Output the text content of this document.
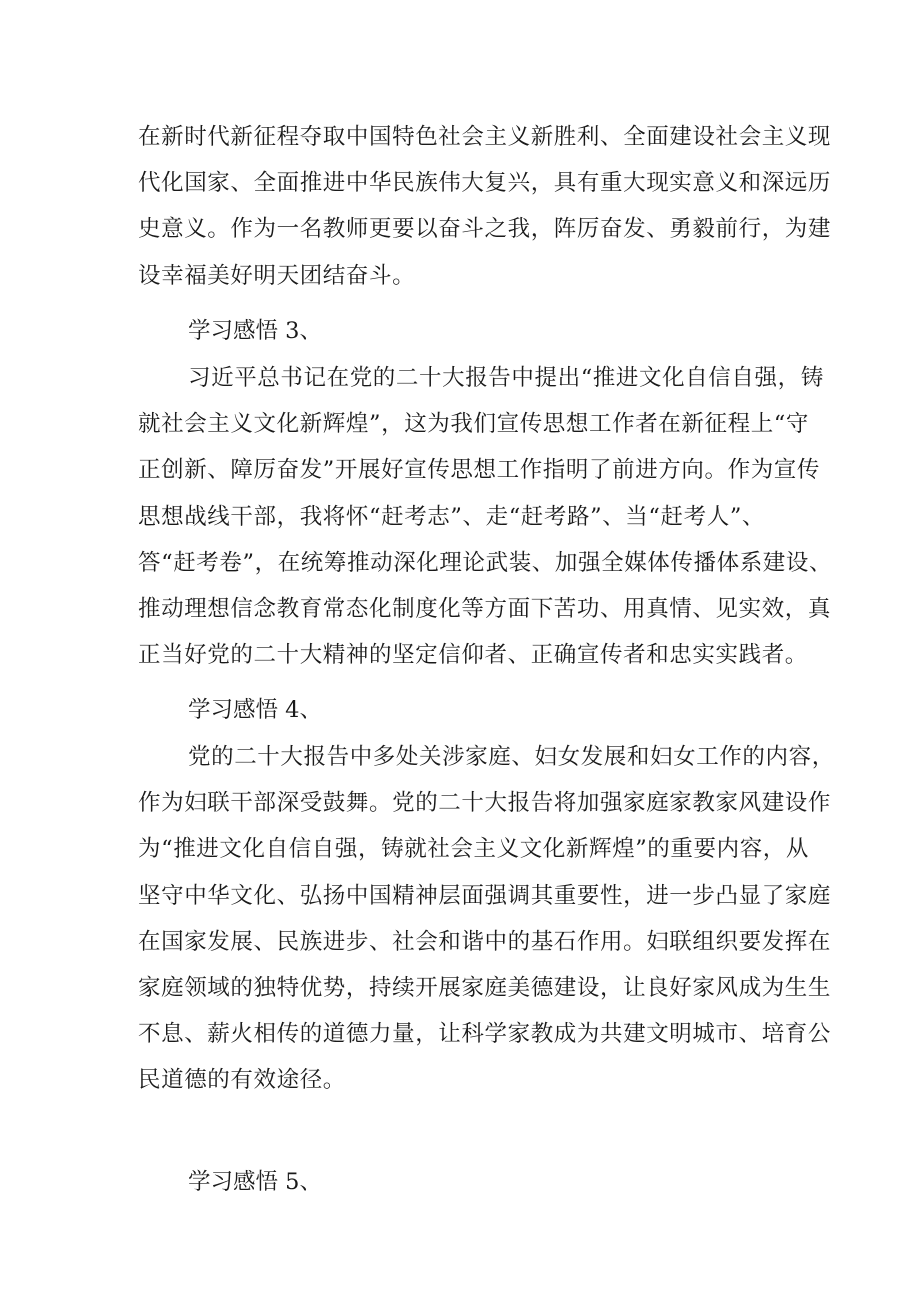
在新时代新征程夺取中国特色社会主义新胜利、全面建设社会主义现
代化国家、全面推进中华民族伟大复兴，具有重大现实意义和深远历
史意义。作为一名教师更要以奋斗之我，阵厉奋发、勇毅前行，为建
设幸福美好明天团结奋斗。
学习感悟 3、
习近平总书记在党的二十大报告中提出“推进文化自信自强，铸
就社会主义文化新辉煌”，这为我们宣传思想工作者在新征程上“守
正创新、障厉奋发”开展好宣传思想工作指明了前进方向。作为宣传
思想战线干部，我将怀“赶考志”、走“赶考路”、当“赶考人”、
答“赶考卷”，在统筹推动深化理论武装、加强全媒体传播体系建设、
推动理想信念教育常态化制度化等方面下苦功、用真情、见实效，真
正当好党的二十大精神的坚定信仰者、正确宣传者和忠实实践者。
学习感悟 4、
党的二十大报告中多处关涉家庭、妇女发展和妇女工作的内容，
作为妇联干部深受鼓舞。党的二十大报告将加强家庭家教家风建设作
为“推进文化自信自强，铸就社会主义文化新辉煌”的重要内容，从
坚守中华文化、弘扬中国精神层面强调其重要性，进一步凸显了家庭
在国家发展、民族进步、社会和谐中的基石作用。妇联组织要发挥在
家庭领域的独特优势，持续开展家庭美德建设，让良好家风成为生生
不息、薪火相传的道德力量，让科学家教成为共建文明城市、培育公
民道德的有效途径。
学习感悟 5、
